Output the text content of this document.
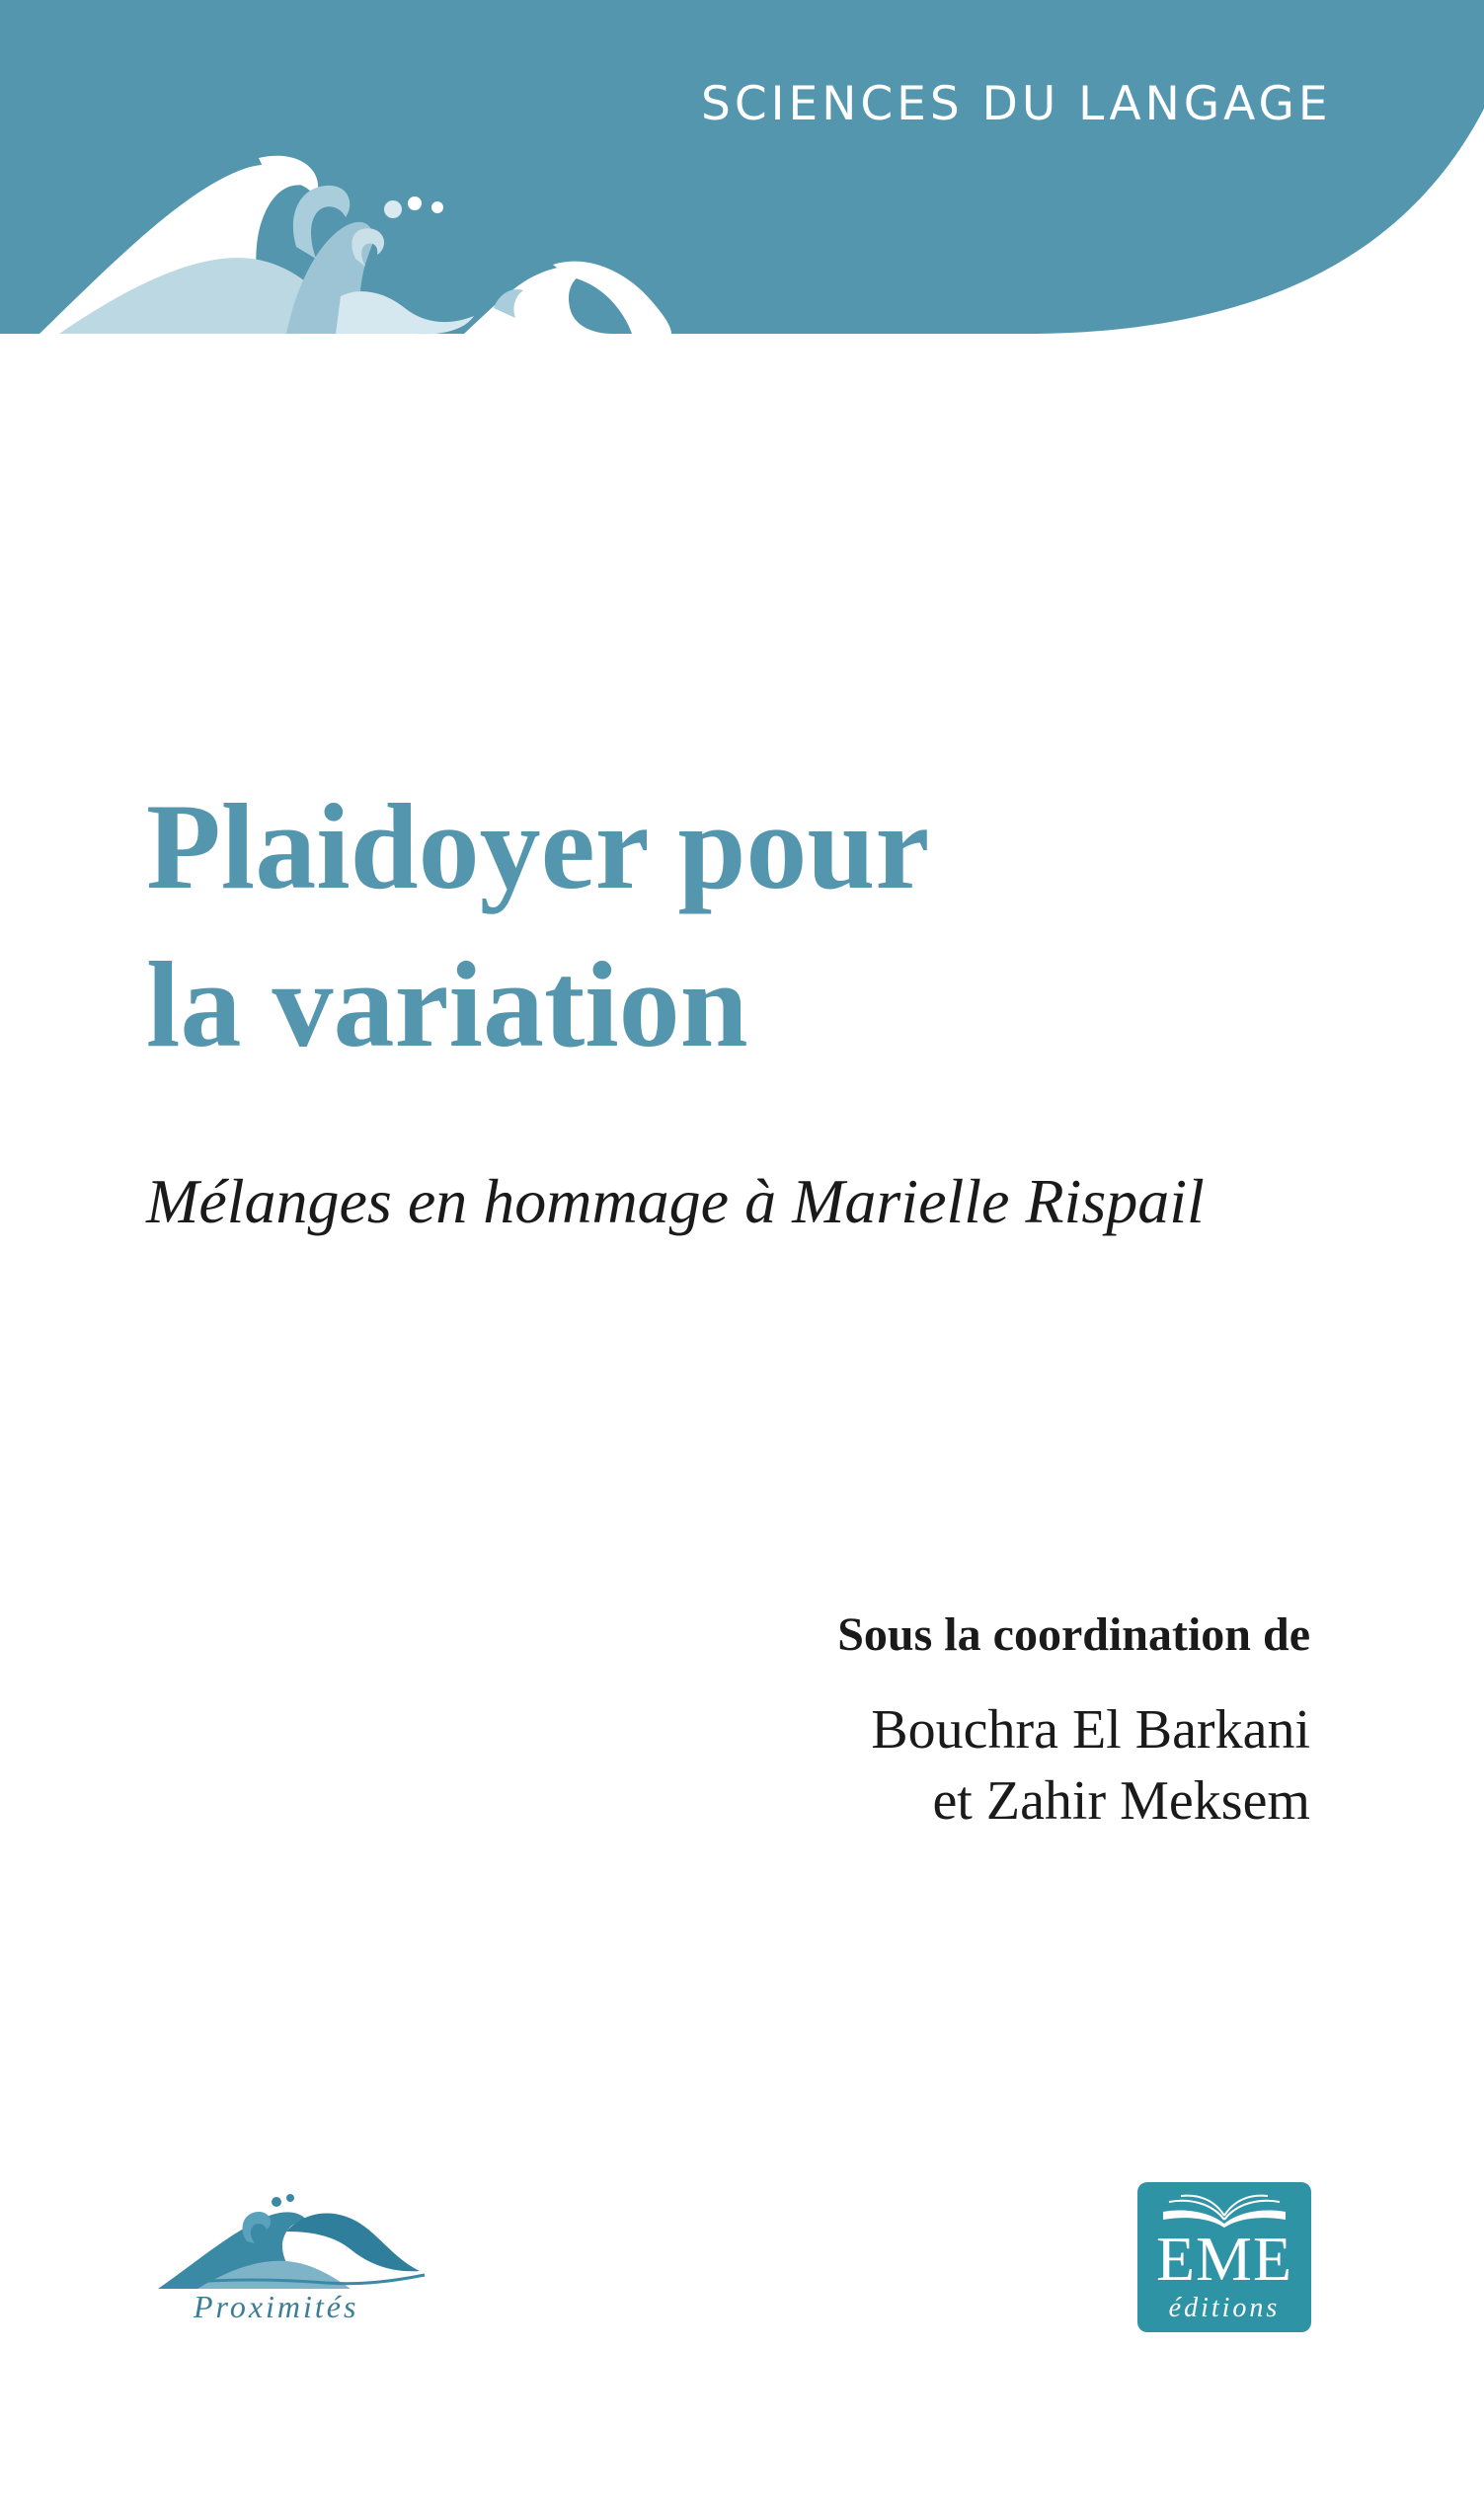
SCIENCES DU LANGAGE
Plaidoyer pour
la variation
Mélanges en hommage à Marielle Rispail
Sous la coordination de
Bouchra El Barkani
et Zahir Meksem
Proximités
EME
éditions
